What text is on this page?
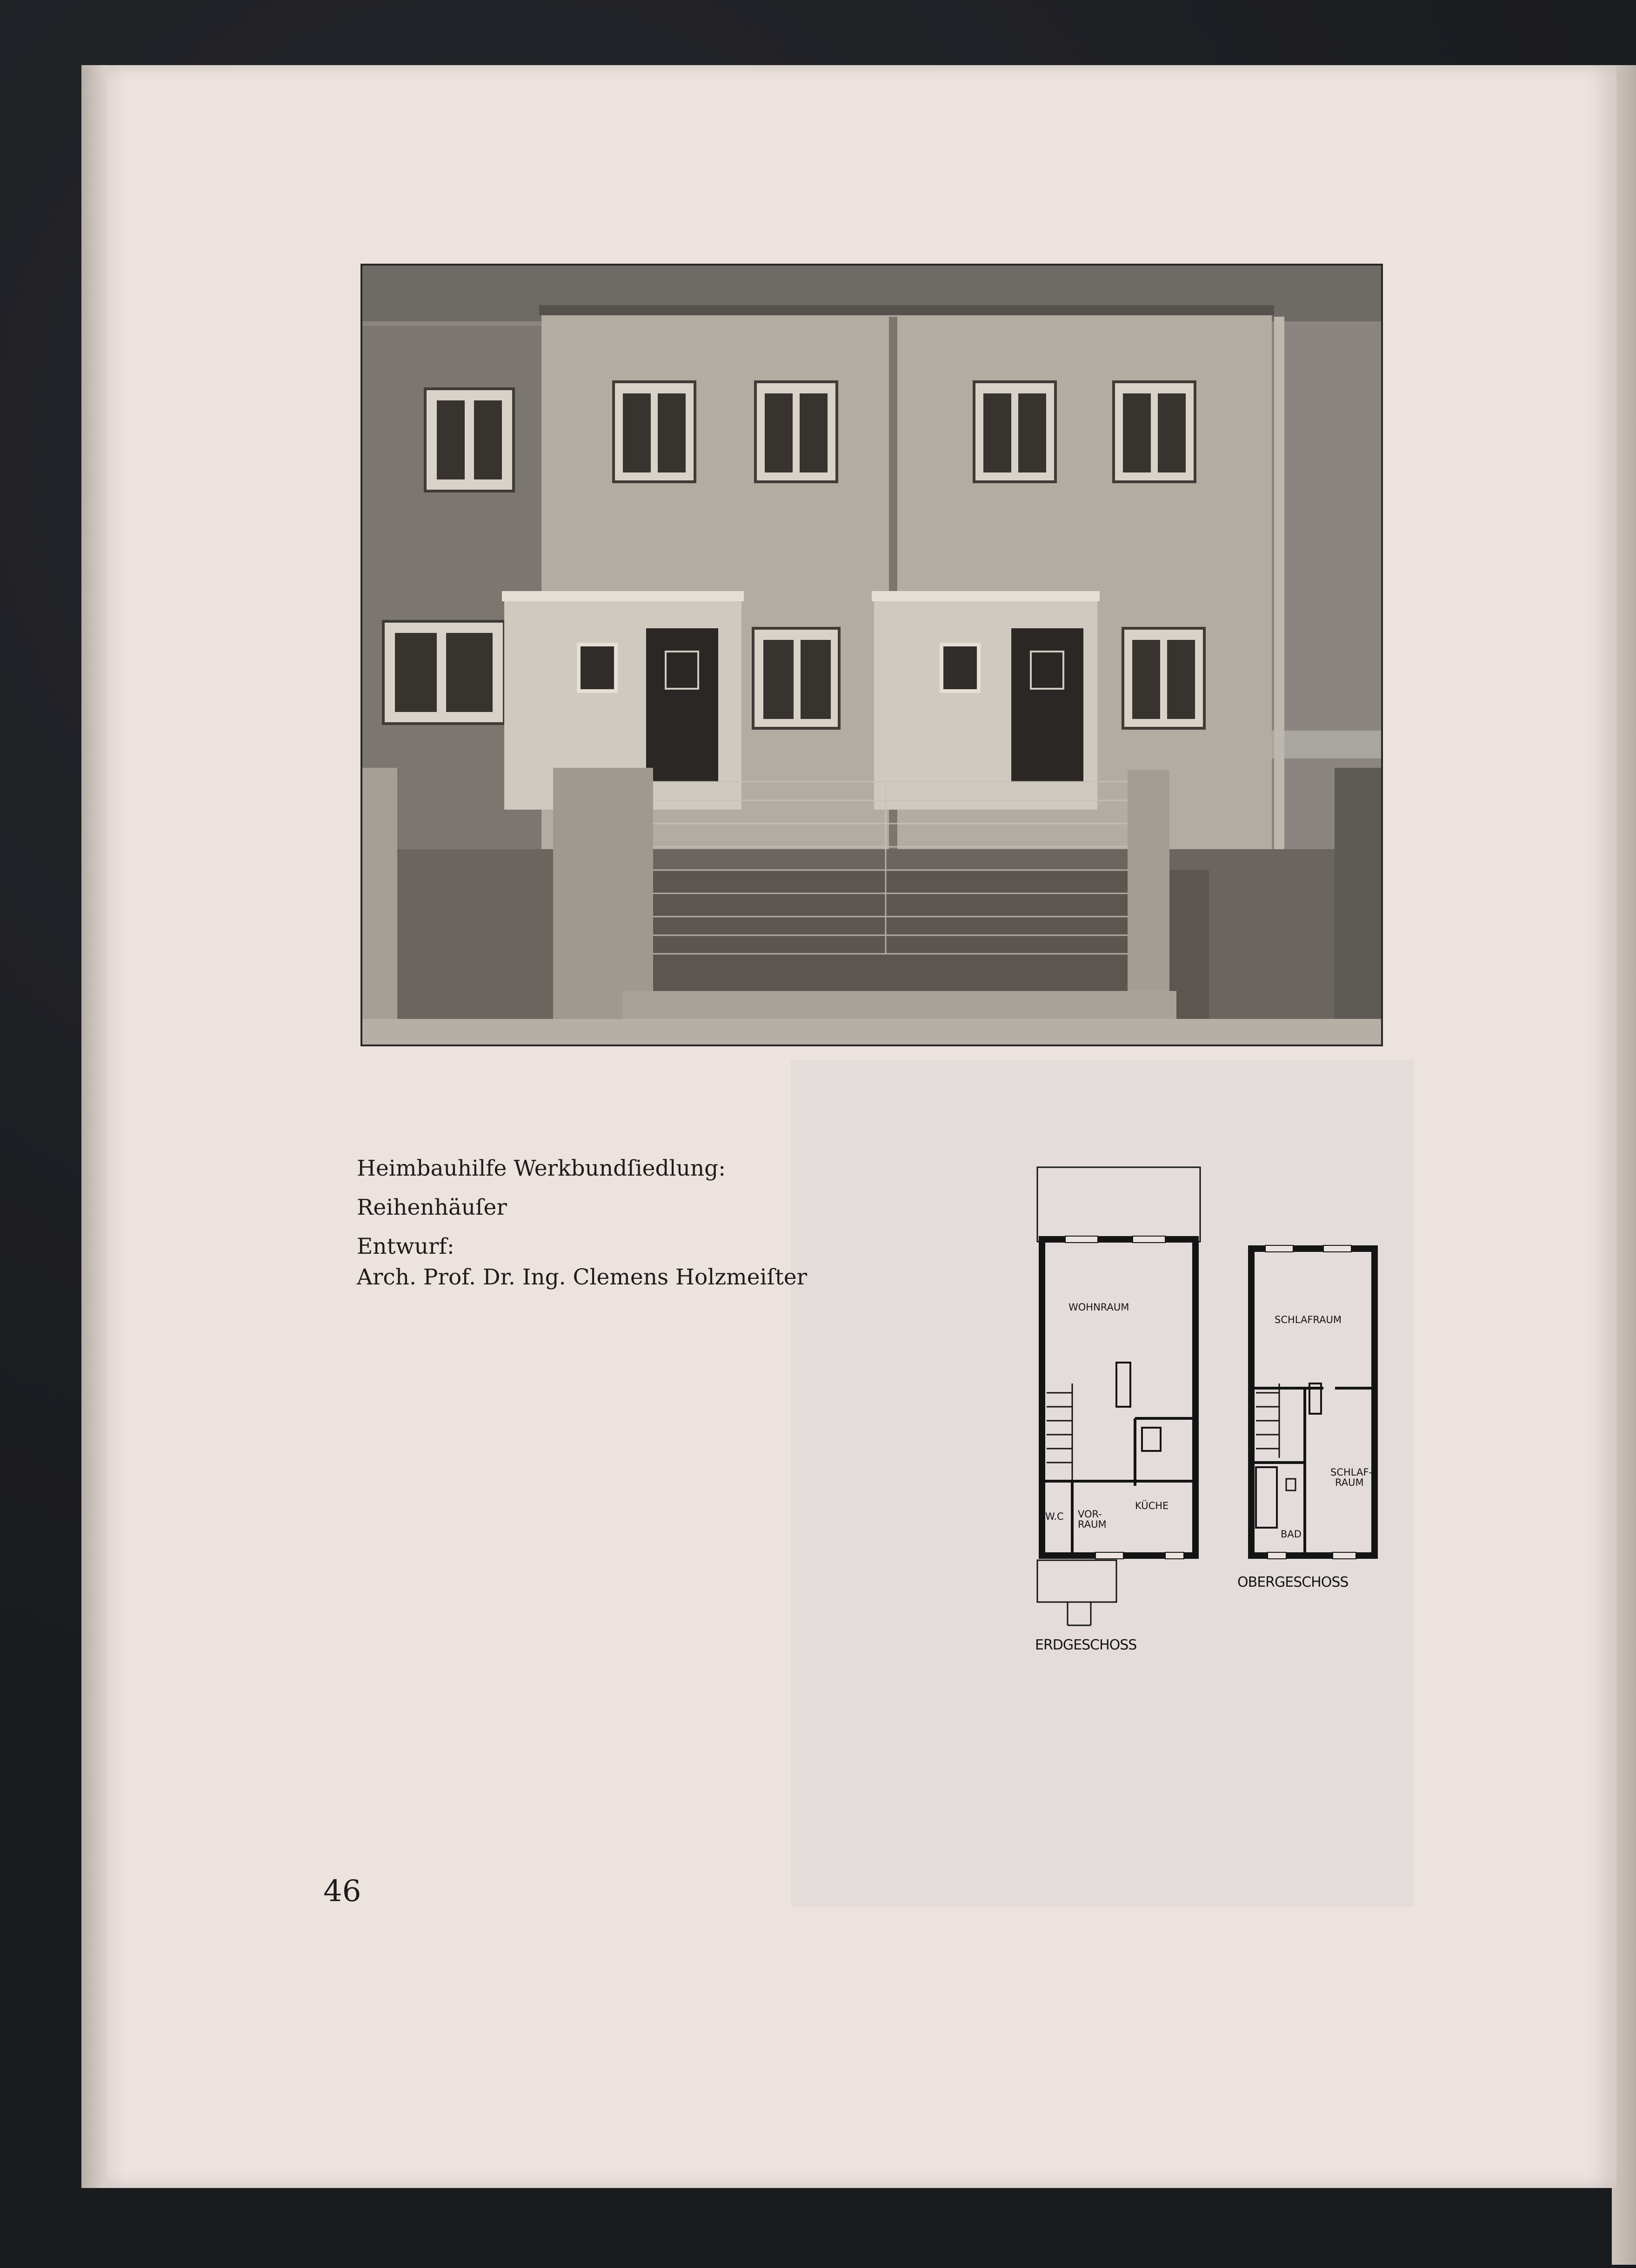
Heimbauhilfe Werkbundſiedlung:
Reihenhäuſer
Entwurf:
Arch. Prof. Dr. Ing. Clemens Holzmeiſter
WOHNRAUM
W.C VOR-
RAUM
KÜCHE
SCHLAFRAUM
SCHLAF-
RAUM
BAD
ERDGESCHOSS
OBERGESCHOSS
46
